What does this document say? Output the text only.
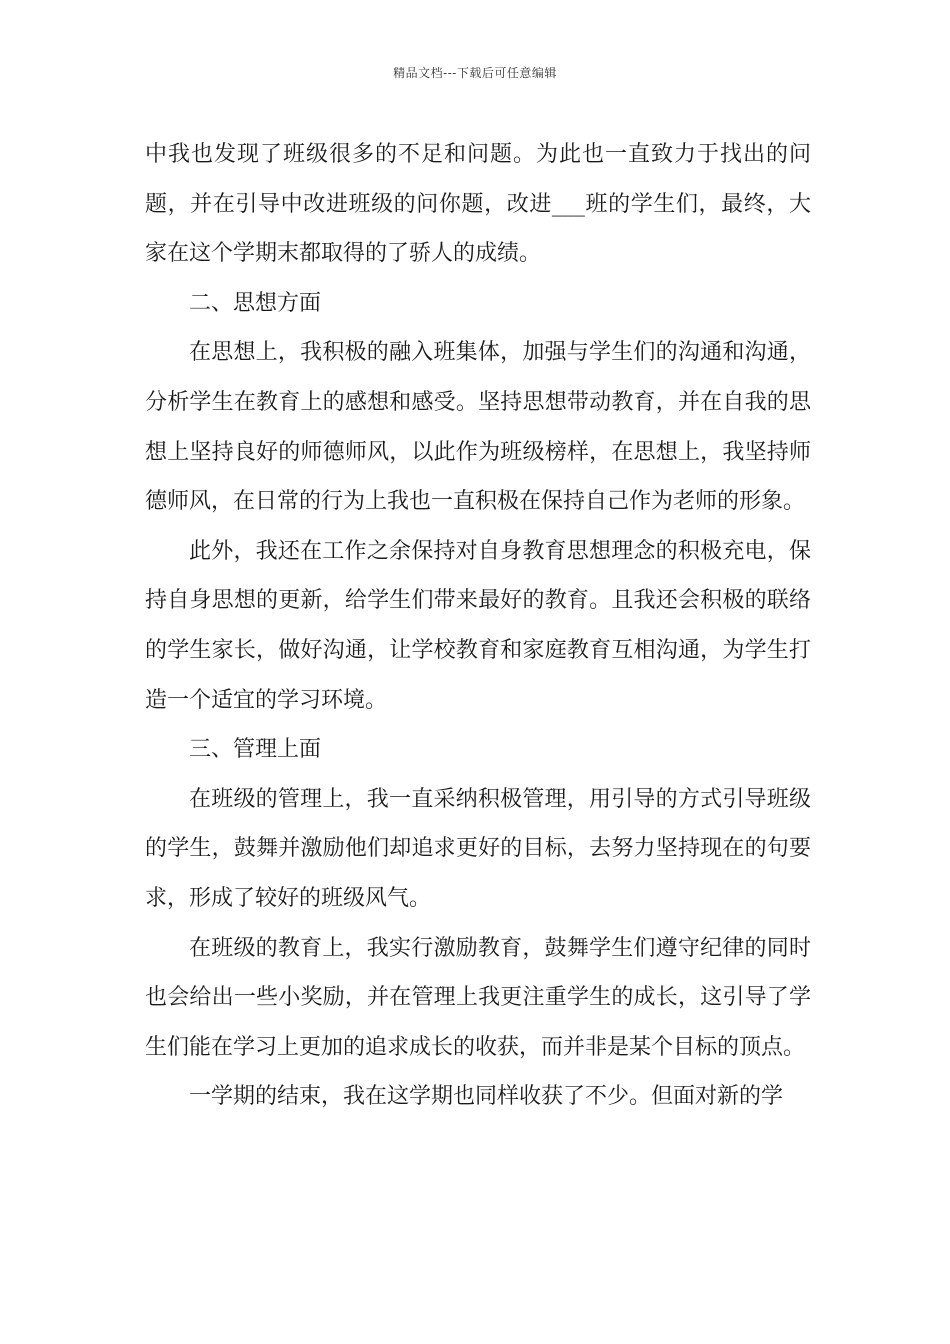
精品文档---下载后可任意编辑

中我也发现了班级很多的不足和问题。为此也一直致力于找出的问题，并在引导中改进班级的问你题，改进___班的学生们，最终，大家在这个学期末都取得的了骄人的成绩。

二、思想方面

在思想上，我积极的融入班集体，加强与学生们的沟通和沟通，分析学生在教育上的感想和感受。坚持思想带动教育，并在自我的思想上坚持良好的师德师风，以此作为班级榜样，在思想上，我坚持师德师风，在日常的行为上我也一直积极在保持自己作为老师的形象。

此外，我还在工作之余保持对自身教育思想理念的积极充电，保持自身思想的更新，给学生们带来最好的教育。且我还会积极的联络的学生家长，做好沟通，让学校教育和家庭教育互相沟通，为学生打造一个适宜的学习环境。

三、管理上面

在班级的管理上，我一直采纳积极管理，用引导的方式引导班级的学生，鼓舞并激励他们却追求更好的目标，去努力坚持现在的句要求，形成了较好的班级风气。

在班级的教育上，我实行激励教育，鼓舞学生们遵守纪律的同时也会给出一些小奖励，并在管理上我更注重学生的成长，这引导了学生们能在学习上更加的追求成长的收获，而并非是某个目标的顶点。

一学期的结束，我在这学期也同样收获了不少。但面对新的学
